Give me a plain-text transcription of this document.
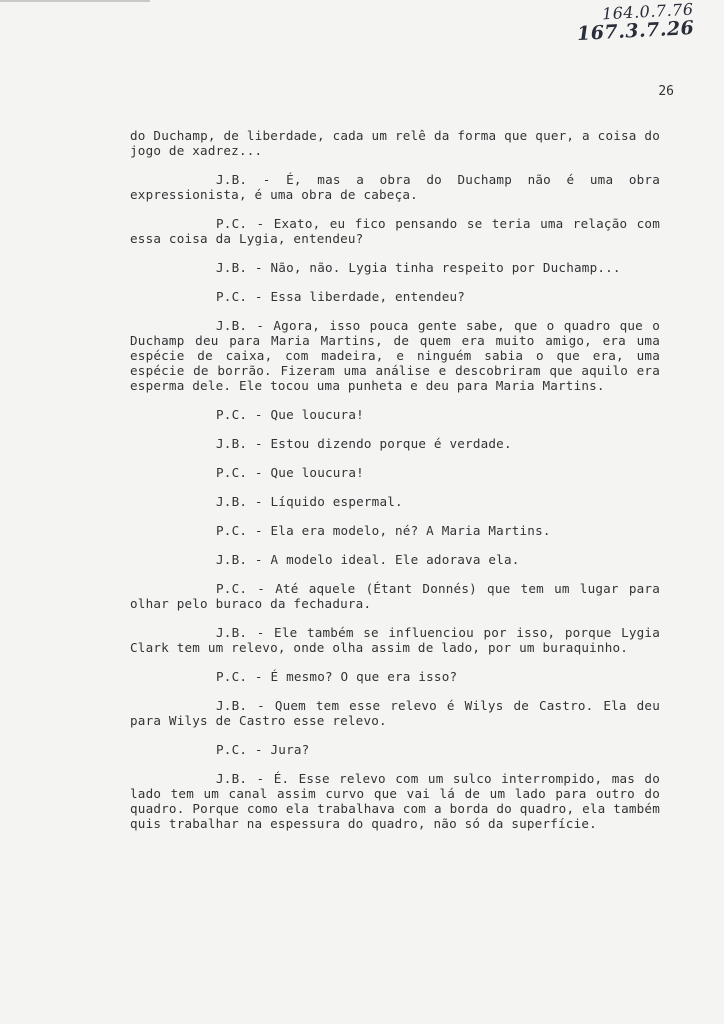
164.0.7.76
167.3.7.26
26

do Duchamp, de liberdade, cada um relê da forma que quer, a coisa do jogo de xadrez...

J.B. - É, mas a obra do Duchamp não é uma obra expressionista, é uma obra de cabeça.

P.C. - Exato, eu fico pensando se teria uma relação com essa coisa da Lygia, entendeu?

J.B. - Não, não. Lygia tinha respeito por Duchamp...

P.C. - Essa liberdade, entendeu?

J.B. - Agora, isso pouca gente sabe, que o quadro que o Duchamp deu para Maria Martins, de quem era muito amigo, era uma espécie de caixa, com madeira, e ninguém sabia o que era, uma espécie de borrão. Fizeram uma análise e descobriram que aquilo era esperma dele. Ele tocou uma punheta e deu para Maria Martins.

P.C. - Que loucura!

J.B. - Estou dizendo porque é verdade.

P.C. - Que loucura!

J.B. - Líquido espermal.

P.C. - Ela era modelo, né? A Maria Martins.

J.B. - A modelo ideal. Ele adorava ela.

P.C. - Até aquele (Étant Donnés) que tem um lugar para olhar pelo buraco da fechadura.

J.B. - Ele também se influenciou por isso, porque Lygia Clark tem um relevo, onde olha assim de lado, por um buraquinho.

P.C. - É mesmo? O que era isso?

J.B. - Quem tem esse relevo é Wilys de Castro. Ela deu para Wilys de Castro esse relevo.

P.C. - Jura?

J.B. - É. Esse relevo com um sulco interrompido, mas do lado tem um canal assim curvo que vai lá de um lado para outro do quadro. Porque como ela trabalhava com a borda do quadro, ela também quis trabalhar na espessura do quadro, não só da superfície.
